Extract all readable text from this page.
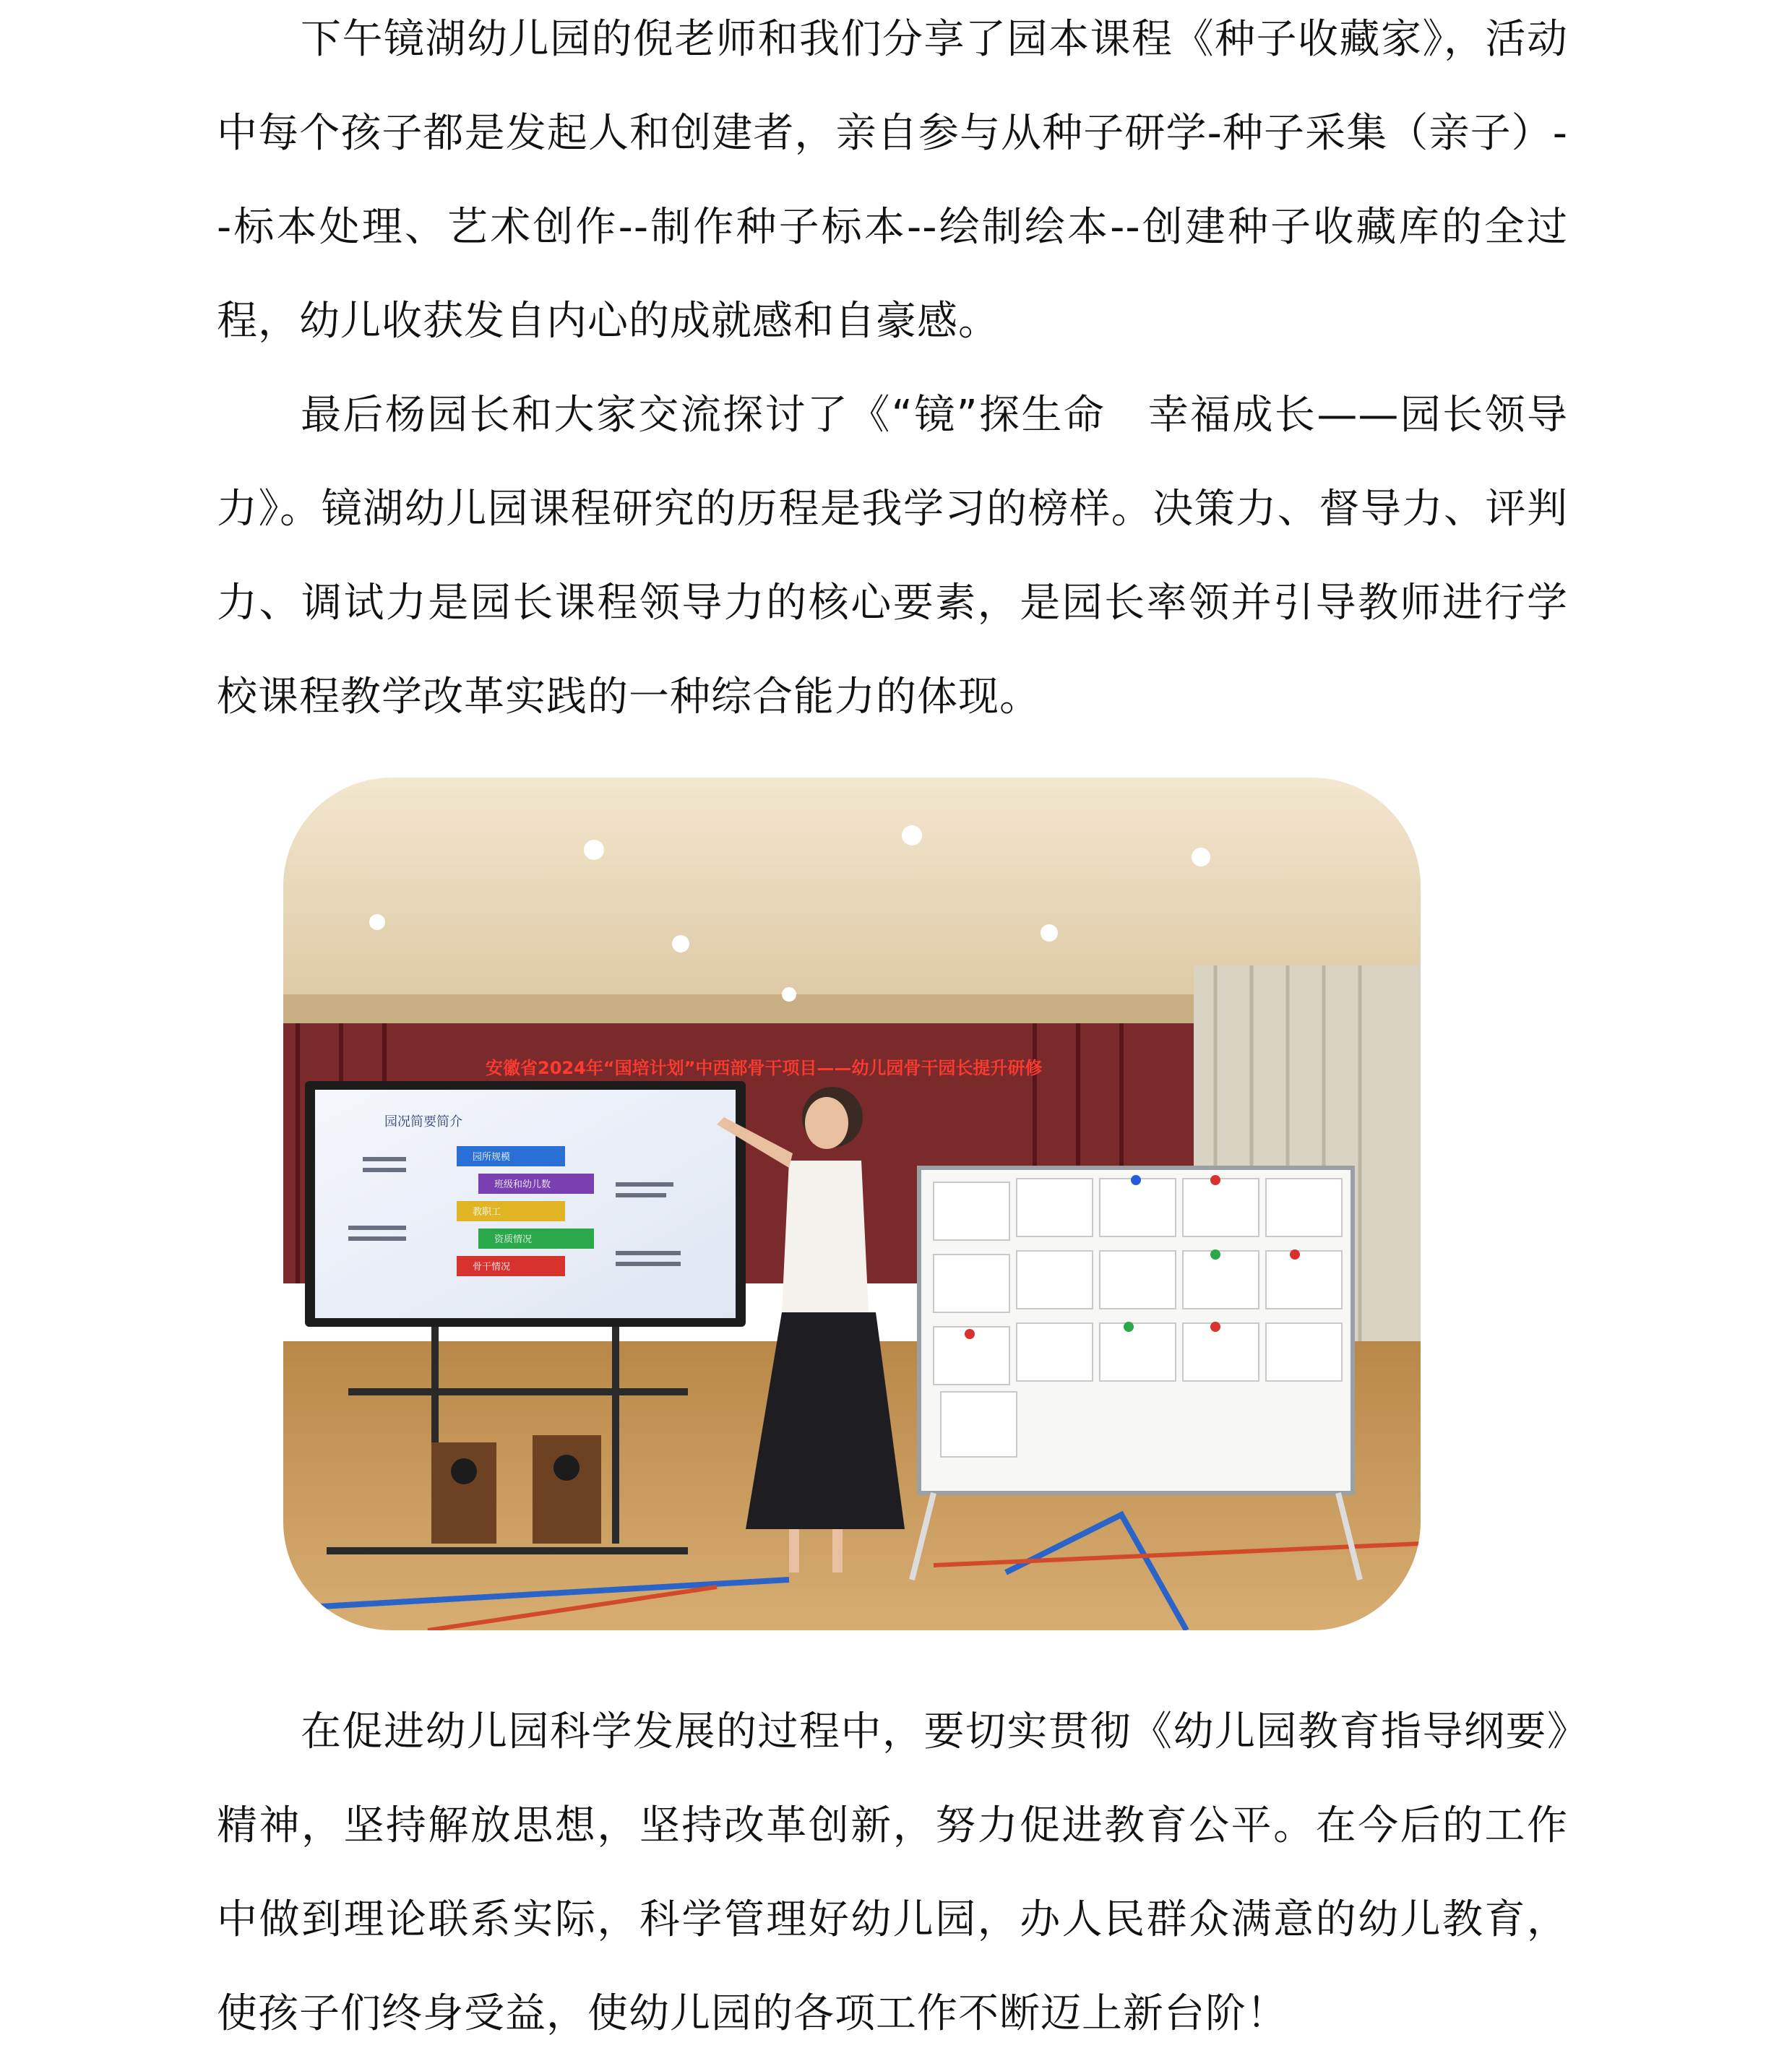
下午镜湖幼儿园的倪老师和我们分享了园本课程《种子收藏家》，活动中每个孩子都是发起人和创建者，亲自参与从种子研学-种子采集（亲子）--标本处理、艺术创作--制作种子标本--绘制绘本--创建种子收藏库的全过程，幼儿收获发自内心的成就感和自豪感。

最后杨园长和大家交流探讨了《“镜”探生命　幸福成长——园长领导力》。镜湖幼儿园课程研究的历程是我学习的榜样。决策力、督导力、评判力、调试力是园长课程领导力的核心要素，是园长率领并引导教师进行学校课程教学改革实践的一种综合能力的体现。

安徽省2024年“国培计划”中西部骨干项目——幼儿园骨干园长提升研修
园况简要简介
园所规模
班级和幼儿数
教职工
资质情况
骨干情况

在促进幼儿园科学发展的过程中，要切实贯彻《幼儿园教育指导纲要》精神，坚持解放思想，坚持改革创新，努力促进教育公平。在今后的工作中做到理论联系实际，科学管理好幼儿园，办人民群众满意的幼儿教育，使孩子们终身受益，使幼儿园的各项工作不断迈上新台阶！
